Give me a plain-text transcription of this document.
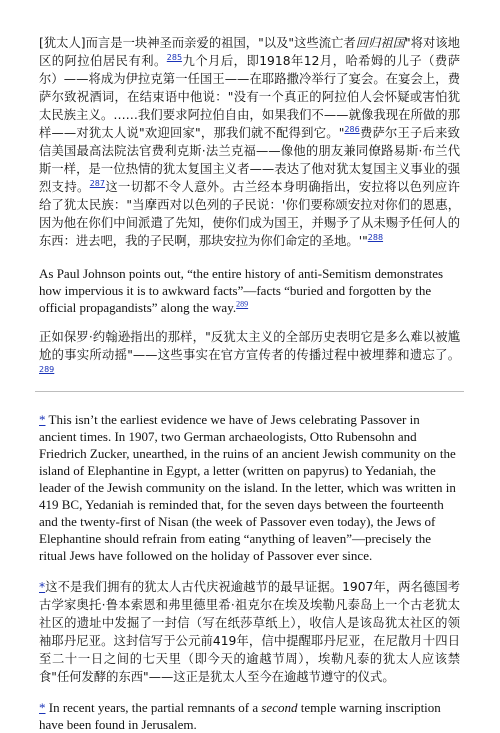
[犹太人]而言是一块神圣而亲爱的祖国，"以及"这些流亡者回归祖国"将对该地区的阿拉伯居民有利。$^{285}$九个月后，即1918年12月，哈希姆的儿子（费萨尔）——将成为伊拉克第一任国王——在耶路撒冷举行了宴会。在宴会上，费萨尔致祝酒词，在结束语中他说："没有一个真正的阿拉伯人会怀疑或害怕犹太民族主义。……我们要求阿拉伯自由，如果我们不——就像我现在所做的那样——对犹太人说"欢迎回家"，那我们就不配得到它。"$^{286}$费萨尔王子后来致信美国最高法院法官费利克斯·法兰克福——像他的朋友兼同僚路易斯·布兰代斯一样，是一位热情的犹太复国主义者——表达了他对犹太复国主义事业的强烈支持。$^{287}$这一切都不令人意外。古兰经本身明确指出，安拉将以色列应许给了犹太民族："当摩西对以色列的子民说：'你们要称颂安拉对你们的恩惠，因为他在你们中间派遣了先知，使你们成为国王，并赐予了从未赐予任何人的东西：进去吧，我的子民啊，那块安拉为你们命定的圣地。'"$^{288}$

As Paul Johnson points out, “the entire history of anti-Semitism demonstrates how impervious it is to awkward facts”—facts “buried and forgotten by the official propagandists” along the way.$^{289}$

正如保罗·约翰逊指出的那样，"反犹太主义的全部历史表明它是多么难以被尴尬的事实所动摇"——这些事实在官方宣传者的传播过程中被埋葬和遗忘了。$^{289}$

* This isn’t the earliest evidence we have of Jews celebrating Passover in ancient times. In 1907, two German archaeologists, Otto Rubensohn and Friedrich Zucker, unearthed, in the ruins of an ancient Jewish community on the island of Elephantine in Egypt, a letter (written on papyrus) to Yedaniah, the leader of the Jewish community on the island. In the letter, which was written in 419 BC, Yedaniah is reminded that, for the seven days between the fourteenth and the twenty-first of Nisan (the week of Passover even today), the Jews of Elephantine should refrain from eating “anything of leaven”—precisely the ritual Jews have followed on the holiday of Passover ever since.

*这不是我们拥有的犹太人古代庆祝逾越节的最早证据。1907年，两名德国考古学家奥托·鲁本索恩和弗里德里希·祖克尔在埃及埃勒凡泰岛上一个古老犹太社区的遗址中发掘了一封信（写在纸莎草纸上），收信人是该岛犹太社区的领袖耶丹尼亚。这封信写于公元前419年，信中提醒耶丹尼亚，在尼散月十四日至二十一日之间的七天里（即今天的逾越节周），埃勒凡泰的犹太人应该禁食"任何发酵的东西"——这正是犹太人至今在逾越节遵守的仪式。

* In recent years, the partial remnants of a second temple warning inscription have been found in Jerusalem.
